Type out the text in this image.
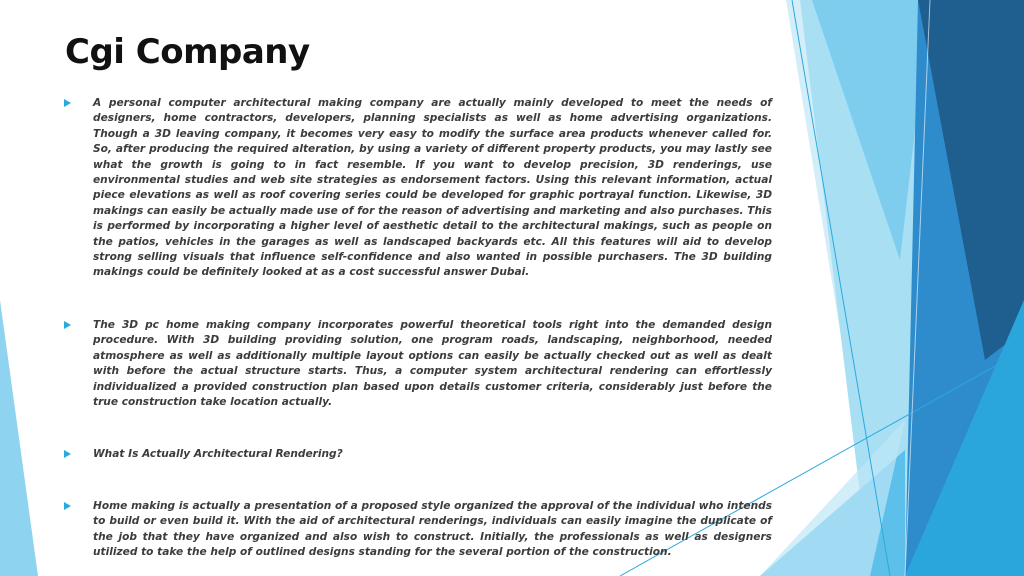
Cgi Company
A personal computer architectural making company are actually mainly developed to meet the needs of designers, home contractors, developers, planning specialists as well as home advertising organizations. Though a 3D leaving company, it becomes very easy to modify the surface area products whenever called for. So, after producing the required alteration, by using a variety of different property products, you may lastly see what the growth is going to in fact resemble. If you want to develop precision, 3D renderings, use environmental studies and web site strategies as endorsement factors. Using this relevant information, actual piece elevations as well as roof covering series could be developed for graphic portrayal function. Likewise, 3D makings can easily be actually made use of for the reason of advertising and marketing and also purchases. This is performed by incorporating a higher level of aesthetic detail to the architectural makings, such as people on the patios, vehicles in the garages as well as landscaped backyards etc. All this features will aid to develop strong selling visuals that influence self-confidence and also wanted in possible purchasers. The 3D building makings could be definitely looked at as a cost successful answer Dubai.
The 3D pc home making company incorporates powerful theoretical tools right into the demanded design procedure. With 3D building providing solution, one program roads, landscaping, neighborhood, needed atmosphere as well as additionally multiple layout options can easily be actually checked out as well as dealt with before the actual structure starts. Thus, a computer system architectural rendering can effortlessly individualized a provided construction plan based upon details customer criteria, considerably just before the true construction take location actually.
What Is Actually Architectural Rendering?
Home making is actually a presentation of a proposed style organized the approval of the individual who intends to build or even build it. With the aid of architectural renderings, individuals can easily imagine the duplicate of the job that they have organized and also wish to construct. Initially, the professionals as well as designers utilized to take the help of outlined designs standing for the several portion of the construction.
